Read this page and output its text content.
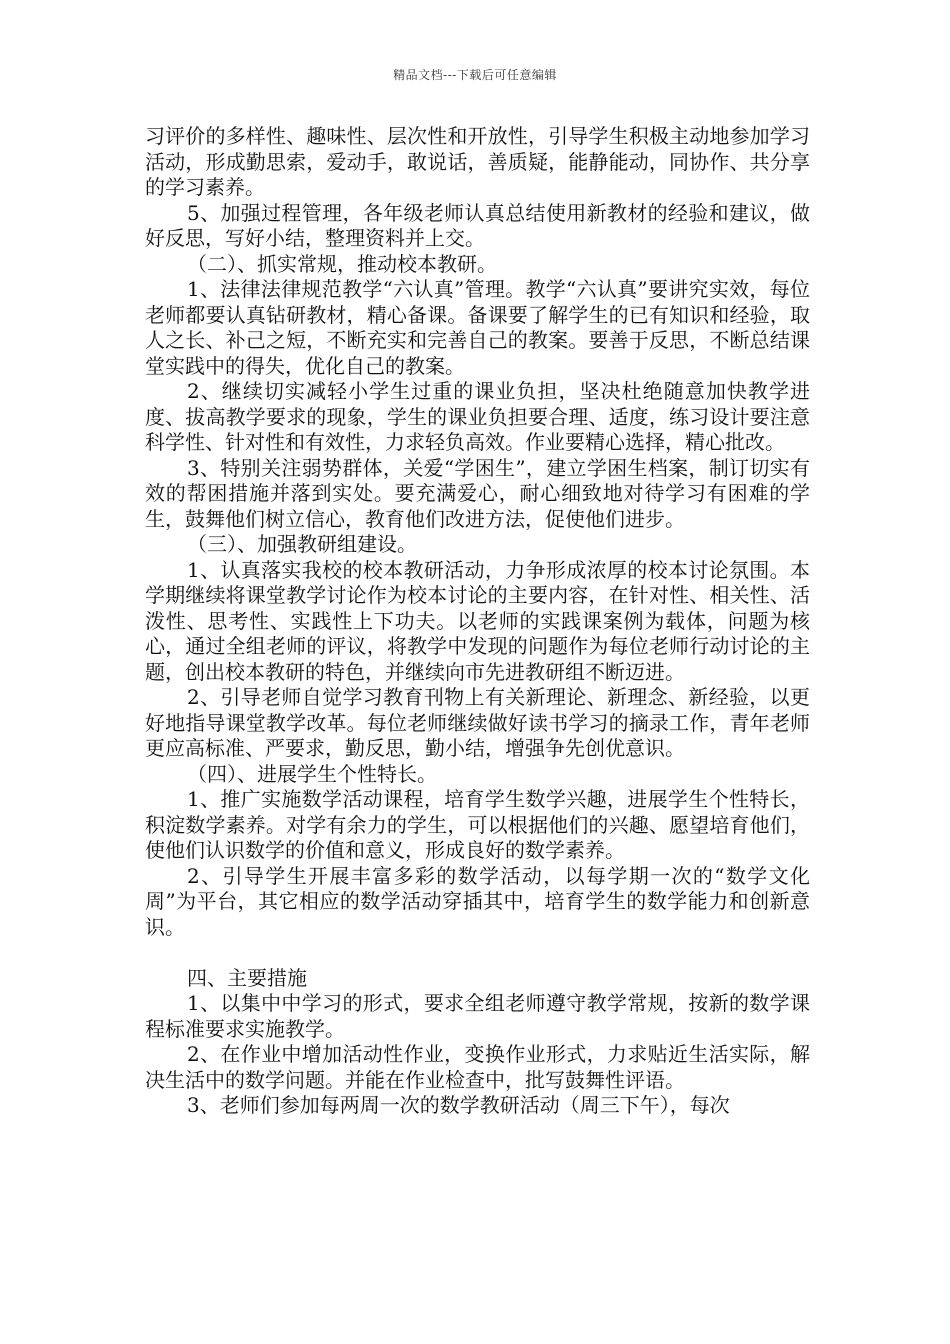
精品文档---下载后可任意编辑

习评价的多样性、趣味性、层次性和开放性，引导学生积极主动地参加学习活动，形成勤思索，爱动手，敢说话，善质疑，能静能动，同协作、共分享的学习素养。

5、加强过程管理，各年级老师认真总结使用新教材的经验和建议，做好反思，写好小结，整理资料并上交。

（二）、抓实常规，推动校本教研。

1、法律法律规范教学“六认真”管理。教学“六认真”要讲究实效，每位老师都要认真钻研教材，精心备课。备课要了解学生的已有知识和经验，取人之长、补己之短，不断充实和完善自己的教案。要善于反思，不断总结课堂实践中的得失，优化自己的教案。

2、继续切实减轻小学生过重的课业负担，坚决杜绝随意加快教学进度、拔高教学要求的现象，学生的课业负担要合理、适度，练习设计要注意科学性、针对性和有效性，力求轻负高效。作业要精心选择，精心批改。

3、特别关注弱势群体，关爱“学困生”，建立学困生档案，制订切实有效的帮困措施并落到实处。要充满爱心，耐心细致地对待学习有困难的学生，鼓舞他们树立信心，教育他们改进方法，促使他们进步。

（三）、加强教研组建设。

1、认真落实我校的校本教研活动，力争形成浓厚的校本讨论氛围。本学期继续将课堂教学讨论作为校本讨论的主要内容，在针对性、相关性、活泼性、思考性、实践性上下功夫。以老师的实践课案例为载体，问题为核心，通过全组老师的评议，将教学中发现的问题作为每位老师行动讨论的主题，创出校本教研的特色，并继续向市先进教研组不断迈进。

2、引导老师自觉学习教育刊物上有关新理论、新理念、新经验，以更好地指导课堂教学改革。每位老师继续做好读书学习的摘录工作，青年老师更应高标准、严要求，勤反思，勤小结，增强争先创优意识。

（四）、进展学生个性特长。

1、推广实施数学活动课程，培育学生数学兴趣，进展学生个性特长，积淀数学素养。对学有余力的学生，可以根据他们的兴趣、愿望培育他们，使他们认识数学的价值和意义，形成良好的数学素养。

2、引导学生开展丰富多彩的数学活动，以每学期一次的“数学文化周”为平台，其它相应的数学活动穿插其中，培育学生的数学能力和创新意识。

四、主要措施

1、以集中中学习的形式，要求全组老师遵守教学常规，按新的数学课程标准要求实施教学。

2、在作业中增加活动性作业，变换作业形式，力求贴近生活实际，解决生活中的数学问题。并能在作业检查中，批写鼓舞性评语。

3、老师们参加每两周一次的数学教研活动（周三下午），每次
